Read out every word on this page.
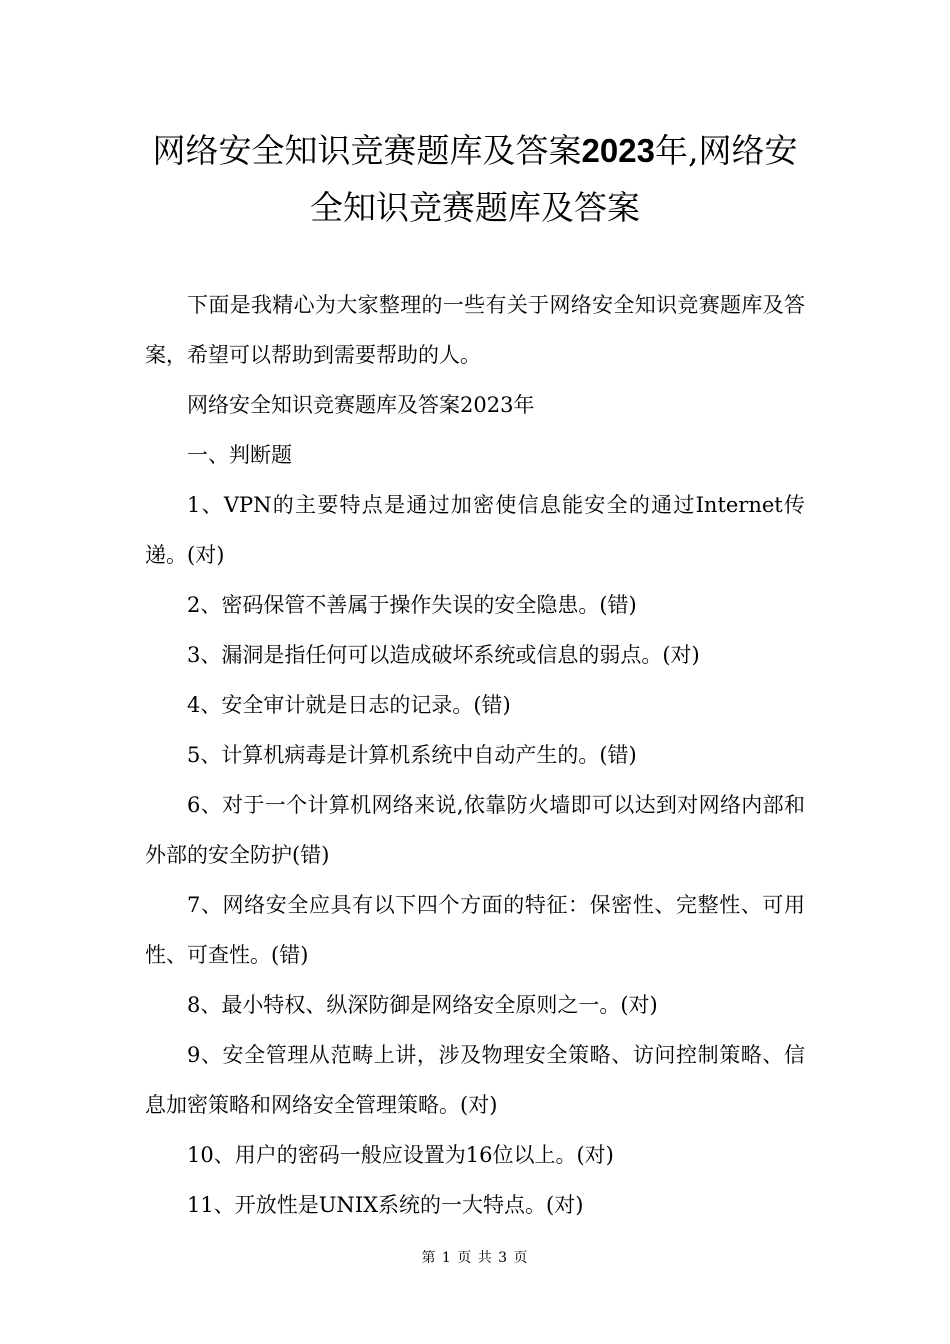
网络安全知识竞赛题库及答案2023年,网络安全知识竞赛题库及答案

下面是我精心为大家整理的一些有关于网络安全知识竞赛题库及答案，希望可以帮助到需要帮助的人。

网络安全知识竞赛题库及答案2023年

一、判断题

1、VPN的主要特点是通过加密使信息能安全的通过Internet传递。(对)

2、密码保管不善属于操作失误的安全隐患。(错)

3、漏洞是指任何可以造成破坏系统或信息的弱点。(对)

4、安全审计就是日志的记录。(错)

5、计算机病毒是计算机系统中自动产生的。(错)

6、对于一个计算机网络来说,依靠防火墙即可以达到对网络内部和外部的安全防护(错)

7、网络安全应具有以下四个方面的特征：保密性、完整性、可用性、可查性。(错)

8、最小特权、纵深防御是网络安全原则之一。(对)

9、安全管理从范畴上讲，涉及物理安全策略、访问控制策略、信息加密策略和网络安全管理策略。(对)

10、用户的密码一般应设置为16位以上。(对)

11、开放性是UNIX系统的一大特点。(对)

第 1 页 共 3 页
